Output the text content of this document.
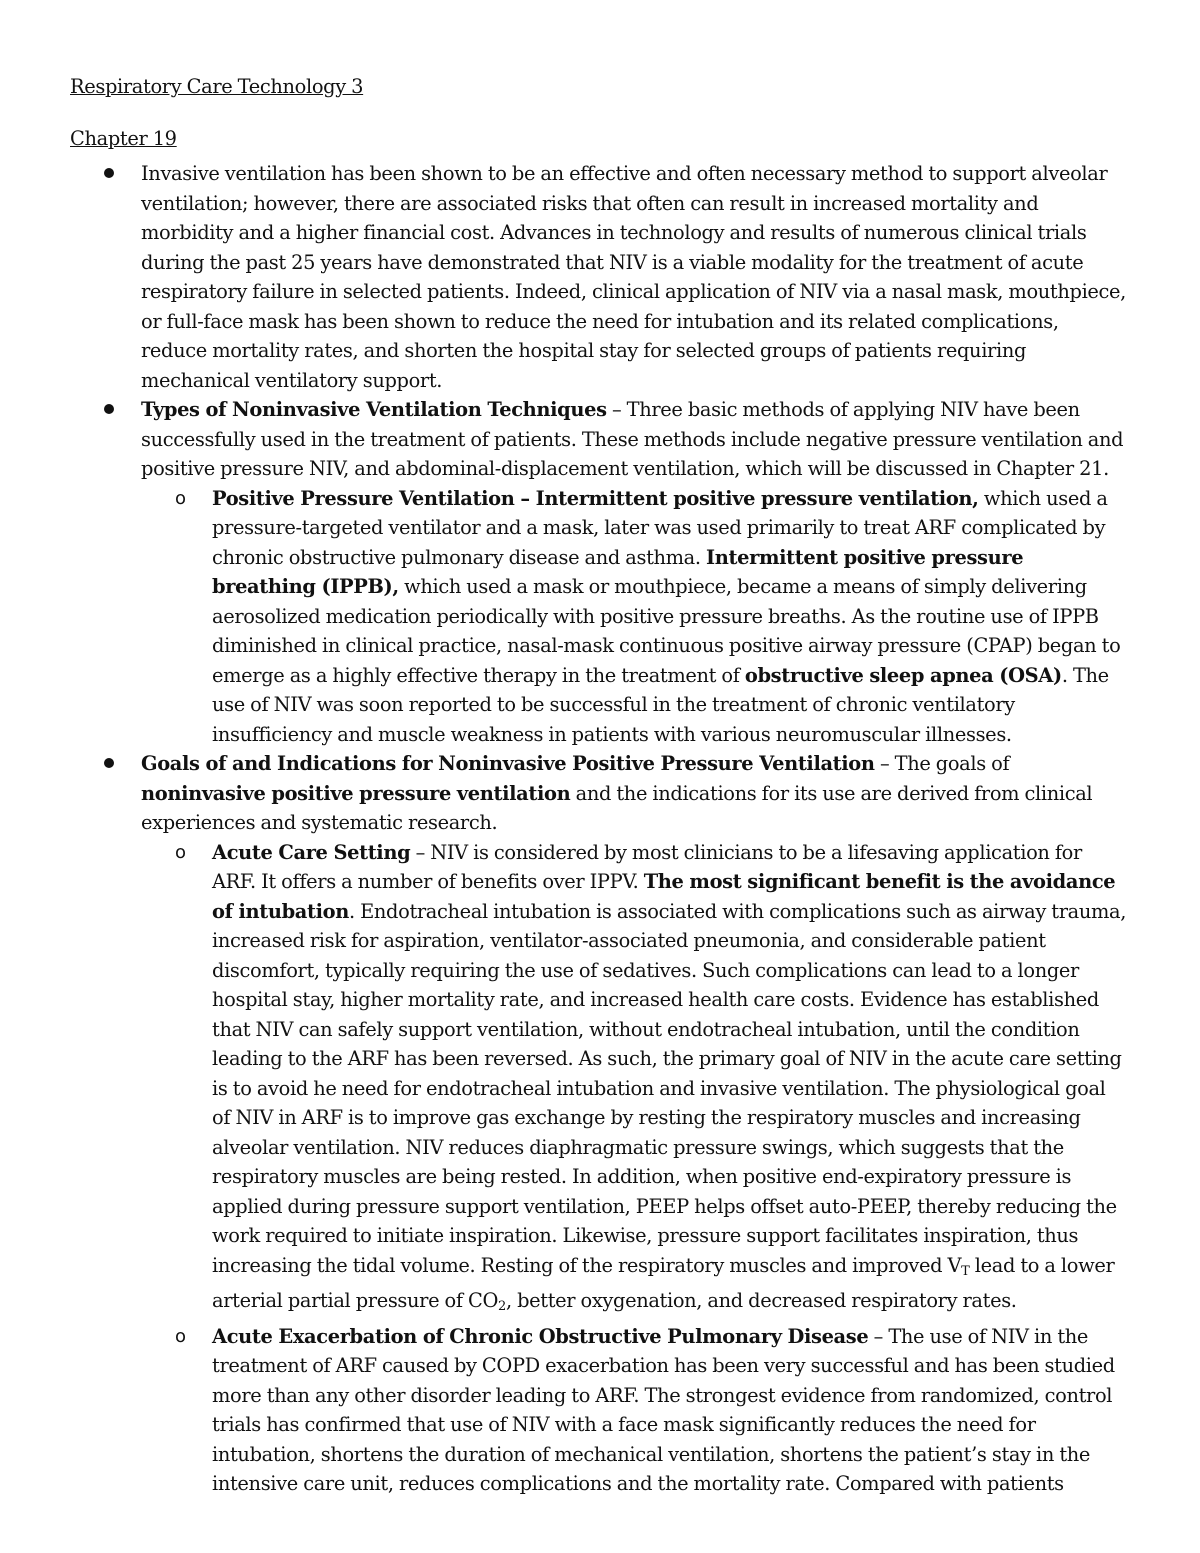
Respiratory Care Technology 3
Chapter 19
Invasive ventilation has been shown to be an effective and often necessary method to support alveolar ventilation; however, there are associated risks that often can result in increased mortality and morbidity and a higher financial cost. Advances in technology and results of numerous clinical trials during the past 25 years have demonstrated that NIV is a viable modality for the treatment of acute respiratory failure in selected patients. Indeed, clinical application of NIV via a nasal mask, mouthpiece, or full-face mask has been shown to reduce the need for intubation and its related complications, reduce mortality rates, and shorten the hospital stay for selected groups of patients requiring mechanical ventilatory support.
Types of Noninvasive Ventilation Techniques – Three basic methods of applying NIV have been successfully used in the treatment of patients. These methods include negative pressure ventilation and positive pressure NIV, and abdominal-displacement ventilation, which will be discussed in Chapter 21.
o Positive Pressure Ventilation – Intermittent positive pressure ventilation, which used a pressure-targeted ventilator and a mask, later was used primarily to treat ARF complicated by chronic obstructive pulmonary disease and asthma. Intermittent positive pressure breathing (IPPB), which used a mask or mouthpiece, became a means of simply delivering aerosolized medication periodically with positive pressure breaths. As the routine use of IPPB diminished in clinical practice, nasal-mask continuous positive airway pressure (CPAP) began to emerge as a highly effective therapy in the treatment of obstructive sleep apnea (OSA). The use of NIV was soon reported to be successful in the treatment of chronic ventilatory insufficiency and muscle weakness in patients with various neuromuscular illnesses.
Goals of and Indications for Noninvasive Positive Pressure Ventilation – The goals of noninvasive positive pressure ventilation and the indications for its use are derived from clinical experiences and systematic research.
o Acute Care Setting – NIV is considered by most clinicians to be a lifesaving application for ARF. It offers a number of benefits over IPPV. The most significant benefit is the avoidance of intubation. Endotracheal intubation is associated with complications such as airway trauma, increased risk for aspiration, ventilator-associated pneumonia, and considerable patient discomfort, typically requiring the use of sedatives. Such complications can lead to a longer hospital stay, higher mortality rate, and increased health care costs. Evidence has established that NIV can safely support ventilation, without endotracheal intubation, until the condition leading to the ARF has been reversed. As such, the primary goal of NIV in the acute care setting is to avoid he need for endotracheal intubation and invasive ventilation. The physiological goal of NIV in ARF is to improve gas exchange by resting the respiratory muscles and increasing alveolar ventilation. NIV reduces diaphragmatic pressure swings, which suggests that the respiratory muscles are being rested. In addition, when positive end-expiratory pressure is applied during pressure support ventilation, PEEP helps offset auto-PEEP, thereby reducing the work required to initiate inspiration. Likewise, pressure support facilitates inspiration, thus increasing the tidal volume. Resting of the respiratory muscles and improved $V_T$ lead to a lower arterial partial pressure of $CO_2$, better oxygenation, and decreased respiratory rates.
o Acute Exacerbation of Chronic Obstructive Pulmonary Disease – The use of NIV in the treatment of ARF caused by COPD exacerbation has been very successful and has been studied more than any other disorder leading to ARF. The strongest evidence from randomized, control trials has confirmed that use of NIV with a face mask significantly reduces the need for intubation, shortens the duration of mechanical ventilation, shortens the patient’s stay in the intensive care unit, reduces complications and the mortality rate. Compared with patients
